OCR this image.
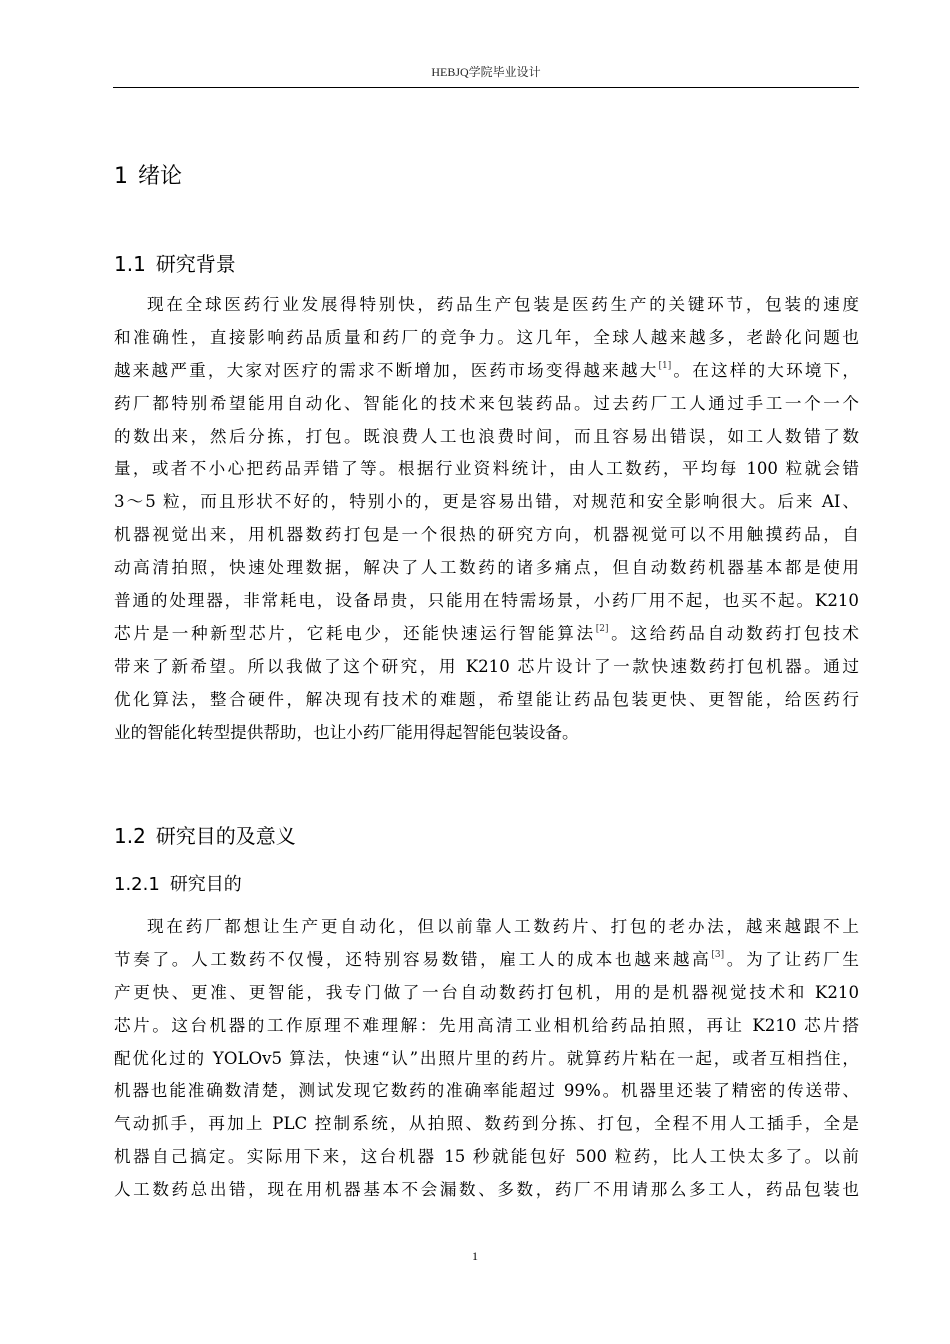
HEBJQ学院毕业设计
1 绪论
1.1 研究背景
现在全球医药行业发展得特别快，药品生产包装是医药生产的关键环节，包装的速度
和准确性，直接影响药品质量和药厂的竞争力。这几年，全球人越来越多，老龄化问题也
越来越严重，大家对医疗的需求不断增加，医药市场变得越来越大[1]。在这样的大环境下，
药厂都特别希望能用自动化、智能化的技术来包装药品。过去药厂工人通过手工一个一个
的数出来，然后分拣，打包。既浪费人工也浪费时间，而且容易出错误，如工人数错了数
量，或者不小心把药品弄错了等。根据行业资料统计，由人工数药，平均每 100 粒就会错
3～5 粒，而且形状不好的，特别小的，更是容易出错，对规范和安全影响很大。后来 AI、
机器视觉出来，用机器数药打包是一个很热的研究方向，机器视觉可以不用触摸药品，自
动高清拍照，快速处理数据，解决了人工数药的诸多痛点，但自动数药机器基本都是使用
普通的处理器，非常耗电，设备昂贵，只能用在特需场景，小药厂用不起，也买不起。K210
芯片是一种新型芯片，它耗电少，还能快速运行智能算法[2]。这给药品自动数药打包技术
带来了新希望。所以我做了这个研究，用 K210 芯片设计了一款快速数药打包机器。通过
优化算法，整合硬件，解决现有技术的难题，希望能让药品包装更快、更智能，给医药行
业的智能化转型提供帮助，也让小药厂能用得起智能包装设备。
1.2 研究目的及意义
1.2.1 研究目的
现在药厂都想让生产更自动化，但以前靠人工数药片、打包的老办法，越来越跟不上
节奏了。人工数药不仅慢，还特别容易数错，雇工人的成本也越来越高[3]。为了让药厂生
产更快、更准、更智能，我专门做了一台自动数药打包机，用的是机器视觉技术和 K210
芯片。这台机器的工作原理不难理解：先用高清工业相机给药品拍照，再让 K210 芯片搭
配优化过的 YOLOv5 算法，快速“认”出照片里的药片。就算药片粘在一起，或者互相挡住，
机器也能准确数清楚，测试发现它数药的准确率能超过 99%。机器里还装了精密的传送带、
气动抓手，再加上 PLC 控制系统，从拍照、数药到分拣、打包，全程不用人工插手，全是
机器自己搞定。实际用下来，这台机器 15 秒就能包好 500 粒药，比人工快太多了。以前
人工数药总出错，现在用机器基本不会漏数、多数，药厂不用请那么多工人，药品包装也
1
